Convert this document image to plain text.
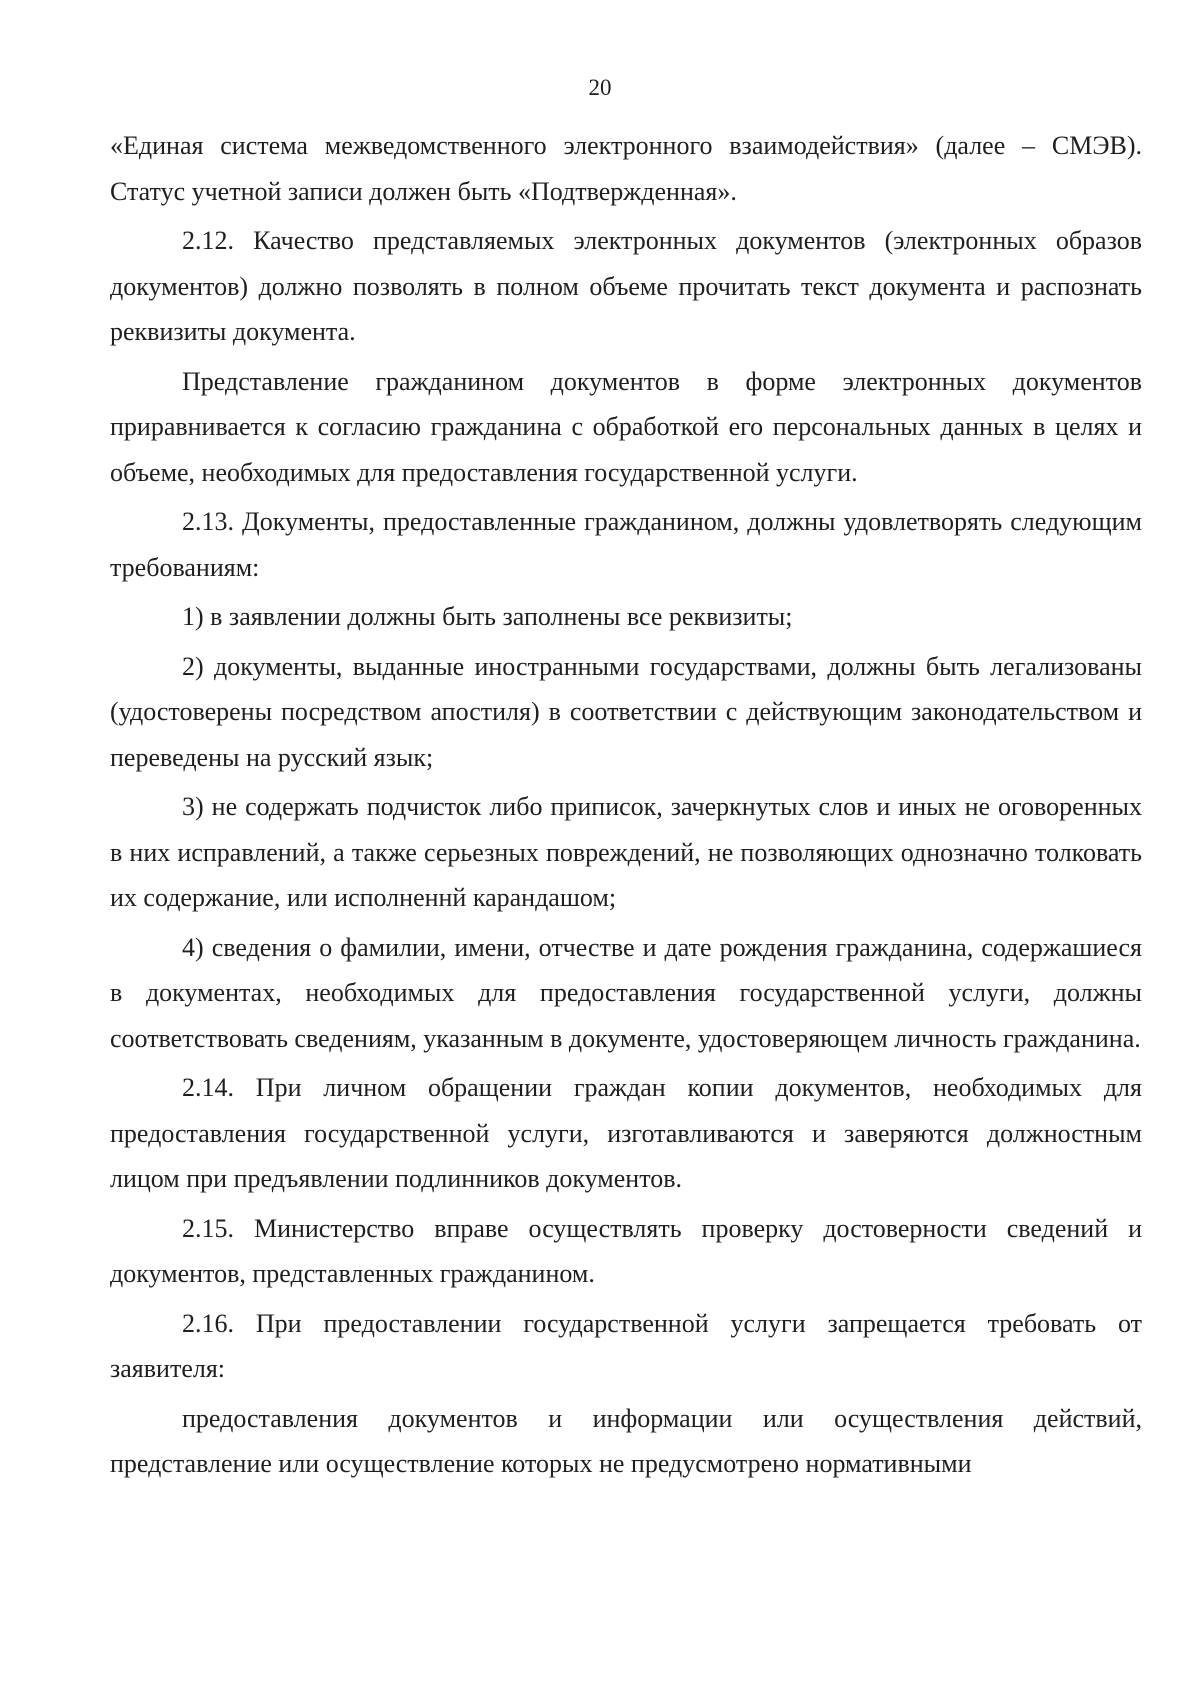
20

«Единая система межведомственного электронного взаимодействия» (далее – СМЭВ). Статус учетной записи должен быть «Подтвержденная».

2.12. Качество представляемых электронных документов (электронных образов документов) должно позволять в полном объеме прочитать текст документа и распознать реквизиты документа.

Представление гражданином документов в форме электронных документов приравнивается к согласию гражданина с обработкой его персональных данных в целях и объеме, необходимых для предоставления государственной услуги.

2.13. Документы, предоставленные гражданином, должны удовлетворять следующим требованиям:

1) в заявлении должны быть заполнены все реквизиты;

2) документы, выданные иностранными государствами, должны быть легализованы (удостоверены посредством апостиля) в соответствии с действующим законодательством и переведены на русский язык;

3) не содержать подчисток либо приписок, зачеркнутых слов и иных не оговоренных в них исправлений, а также серьезных повреждений, не позволяющих однозначно толковать их содержание, или исполненнй карандашом;

4) сведения о фамилии, имени, отчестве и дате рождения гражданина, содержашиеся в документах, необходимых для предоставления государственной услуги, должны соответствовать сведениям, указанным в документе, удостоверяющем личность гражданина.

2.14. При личном обращении граждан копии документов, необходимых для предоставления государственной услуги, изготавливаются и заверяются должностным лицом при предъявлении подлинников документов.

2.15. Министерство вправе осуществлять проверку достоверности сведений и документов, представленных гражданином.

2.16. При предоставлении государственной услуги запрещается требовать от заявителя:

предоставления документов и информации или осуществления действий, представление или осуществление которых не предусмотрено нормативными
